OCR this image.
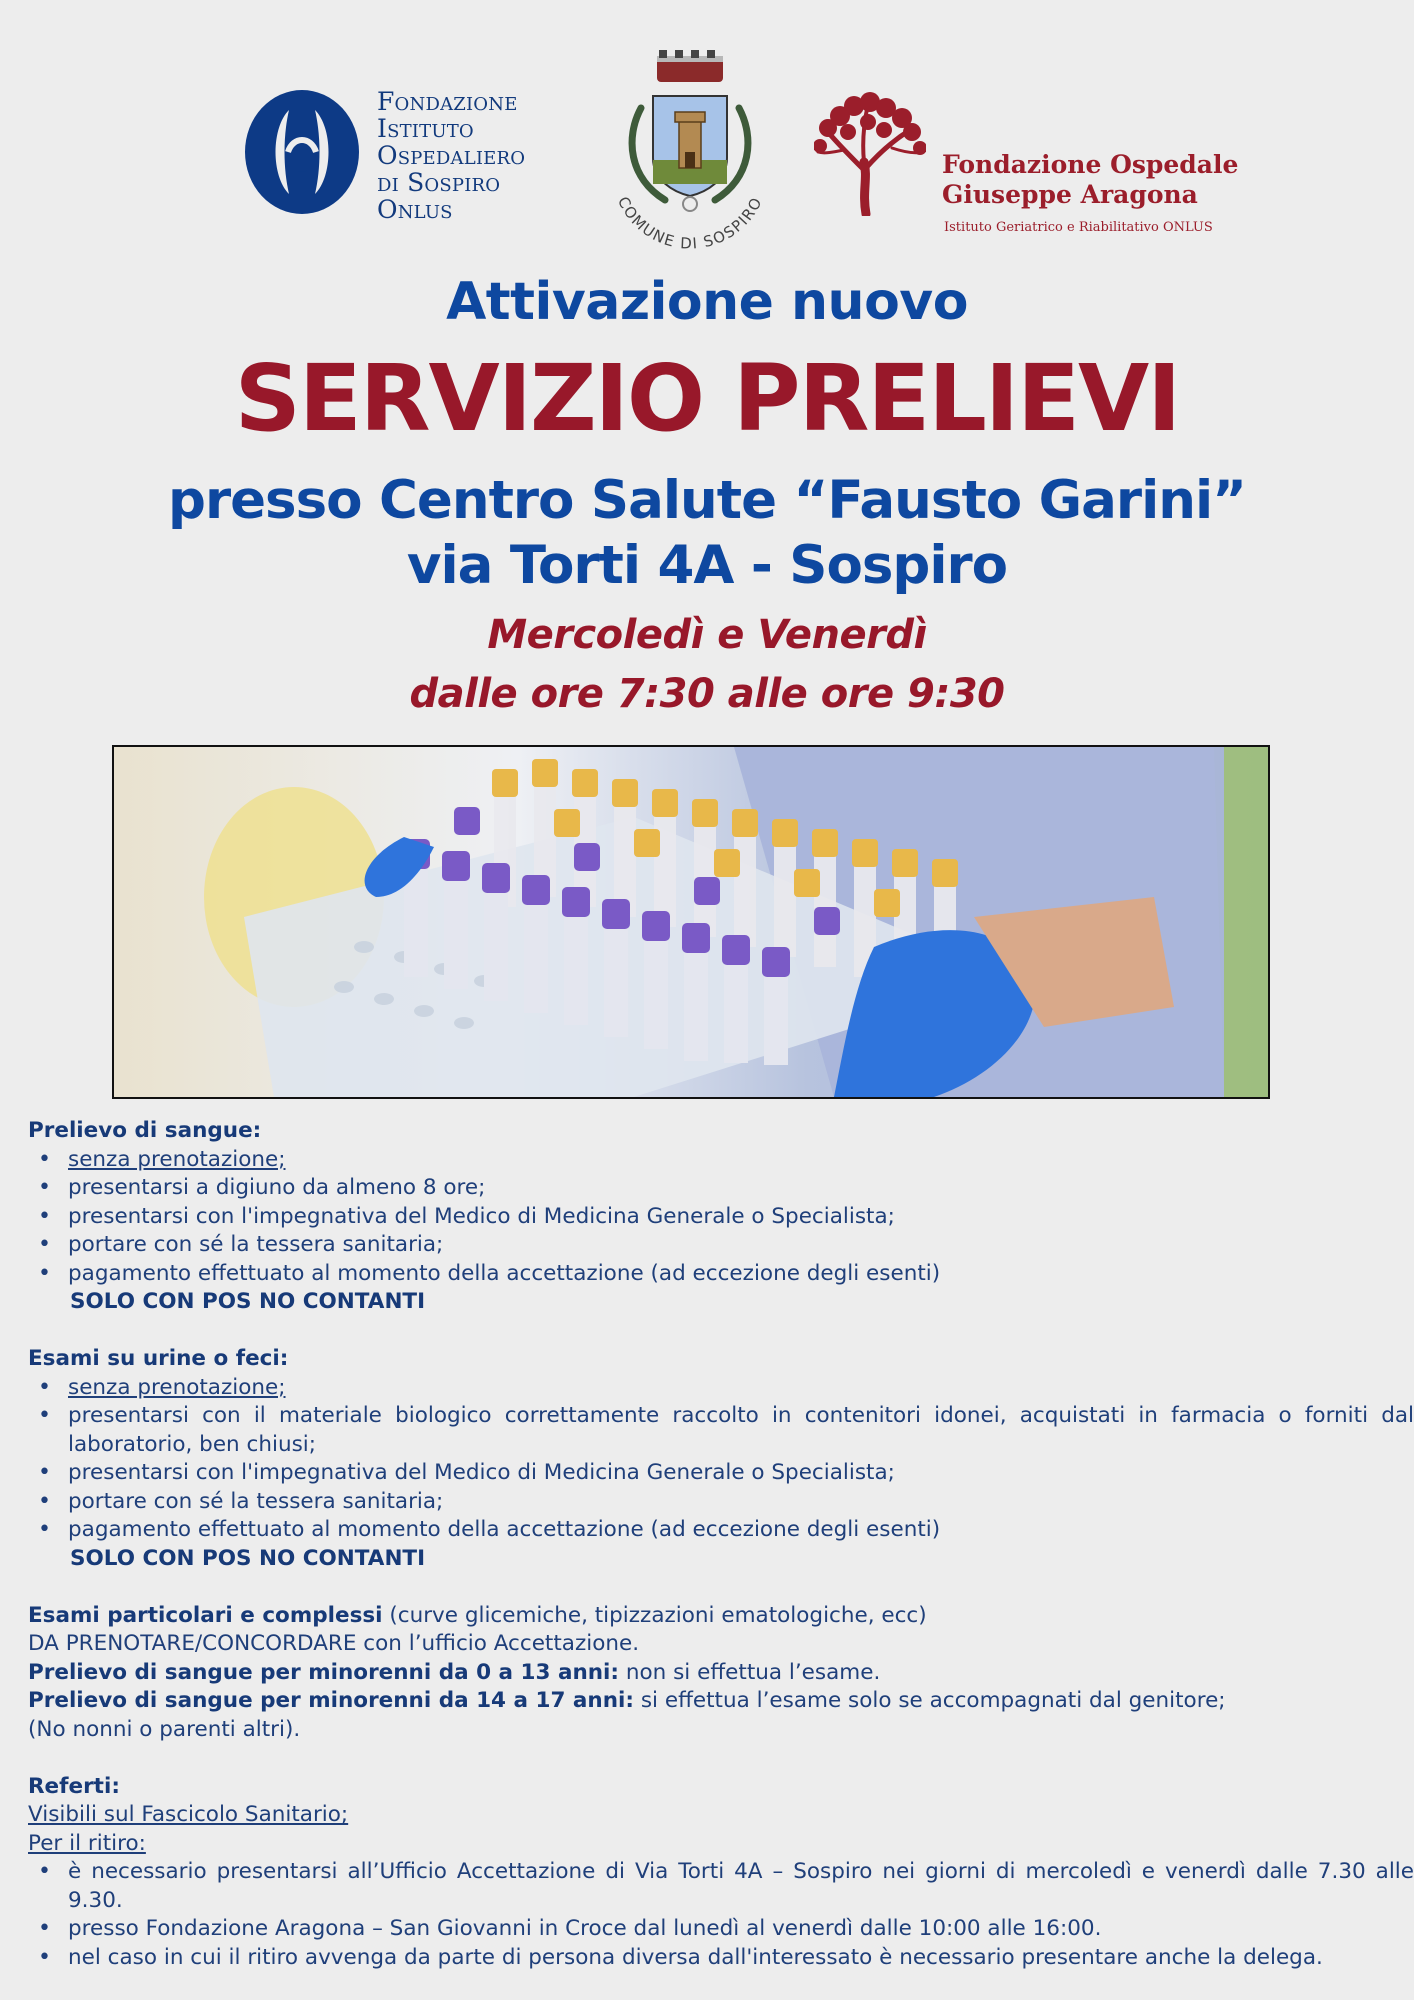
Fondazione
Istituto
Ospedaliero
di Sospiro
Onlus	COMUNE DI SOSPIRO
Fondazione Ospedale
Giuseppe Aragona
Istituto Geriatrico e Riabilitativo ONLUS
Attivazione nuovo
SERVIZIO PRELIEVI
presso Centro Salute “Fausto Garini”
via Torti 4A - Sospiro
Mercoledì e Venerdì
dalle ore 7:30 alle ore 9:30
Prelievo di sangue:
• senza prenotazione;
• presentarsi a digiuno da almeno 8 ore;
• presentarsi con l'impegnativa del Medico di Medicina Generale o Specialista;
• portare con sé la tessera sanitaria;
• pagamento effettuato al momento della accettazione (ad eccezione degli esenti)
SOLO CON POS NO CONTANTI
Esami su urine o feci:
• senza prenotazione;
• presentarsi con il materiale biologico correttamente raccolto in contenitori idonei, acquistati in farmacia o forniti dal laboratorio, ben chiusi;
• presentarsi con l'impegnativa del Medico di Medicina Generale o Specialista;
• portare con sé la tessera sanitaria;
• pagamento effettuato al momento della accettazione (ad eccezione degli esenti)
SOLO CON POS NO CONTANTI
Esami particolari e complessi (curve glicemiche, tipizzazioni ematologiche, ecc)
DA PRENOTARE/CONCORDARE con l’ufficio Accettazione.
Prelievo di sangue per minorenni da 0 a 13 anni: non si effettua l’esame.
Prelievo di sangue per minorenni da 14 a 17 anni: si effettua l’esame solo se accompagnati dal genitore;
(No nonni o parenti altri).
Referti:
Visibili sul Fascicolo Sanitario;
Per il ritiro:
• è necessario presentarsi all’Ufficio Accettazione di Via Torti 4A – Sospiro nei giorni di mercoledì e venerdì dalle 7.30 alle 9.30.
• presso Fondazione Aragona – San Giovanni in Croce dal lunedì al venerdì dalle 10:00 alle 16:00.
• nel caso in cui il ritiro avvenga da parte di persona diversa dall'interessato è necessario presentare anche la delega.
